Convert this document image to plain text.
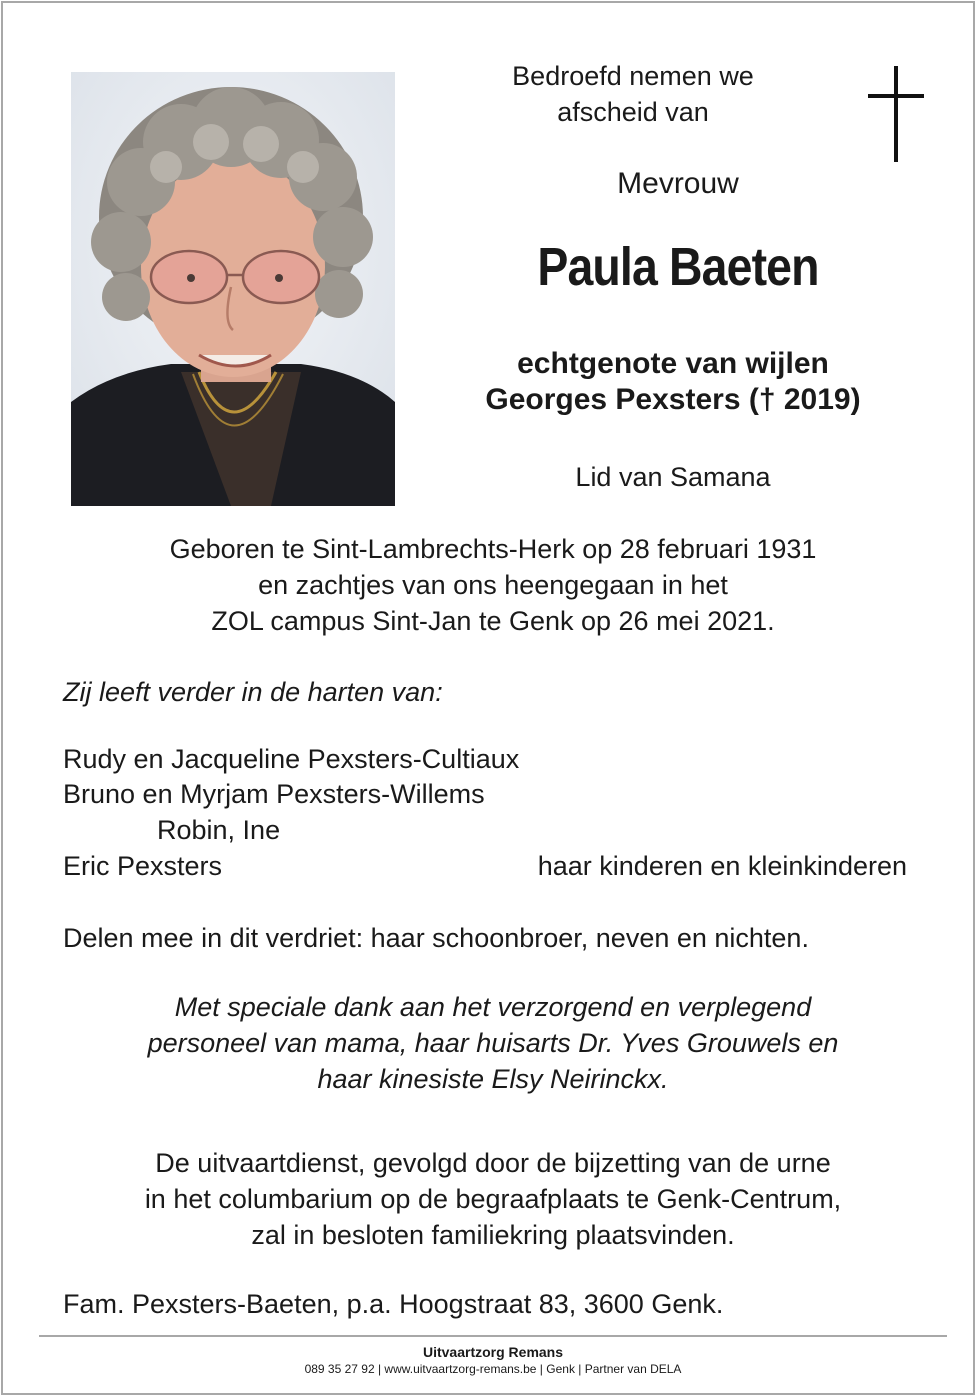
Bedroefd nemen we
afscheid van
Mevrouw
Paula Baeten
echtgenote van wijlen
Georges Pexsters († 2019)
Lid van Samana
Geboren te Sint-Lambrechts-Herk op 28 februari 1931
en zachtjes van ons heengegaan in het
ZOL campus Sint-Jan te Genk op 26 mei 2021.
Zij leeft verder in de harten van:
Rudy en Jacqueline Pexsters-Cultiaux
Bruno en Myrjam Pexsters-Willems
Robin, Ine
Eric Pexsters	haar kinderen en kleinkinderen
Delen mee in dit verdriet: haar schoonbroer, neven en nichten.
Met speciale dank aan het verzorgend en verplegend
personeel van mama, haar huisarts Dr. Yves Grouwels en
haar kinesiste Elsy Neirinckx.
De uitvaartdienst, gevolgd door de bijzetting van de urne
in het columbarium op de begraafplaats te Genk-Centrum,
zal in besloten familiekring plaatsvinden.
Fam. Pexsters-Baeten, p.a. Hoogstraat 83, 3600 Genk.
Uitvaartzorg Remans
089 35 27 92 | www.uitvaartzorg-remans.be | Genk | Partner van DELA
